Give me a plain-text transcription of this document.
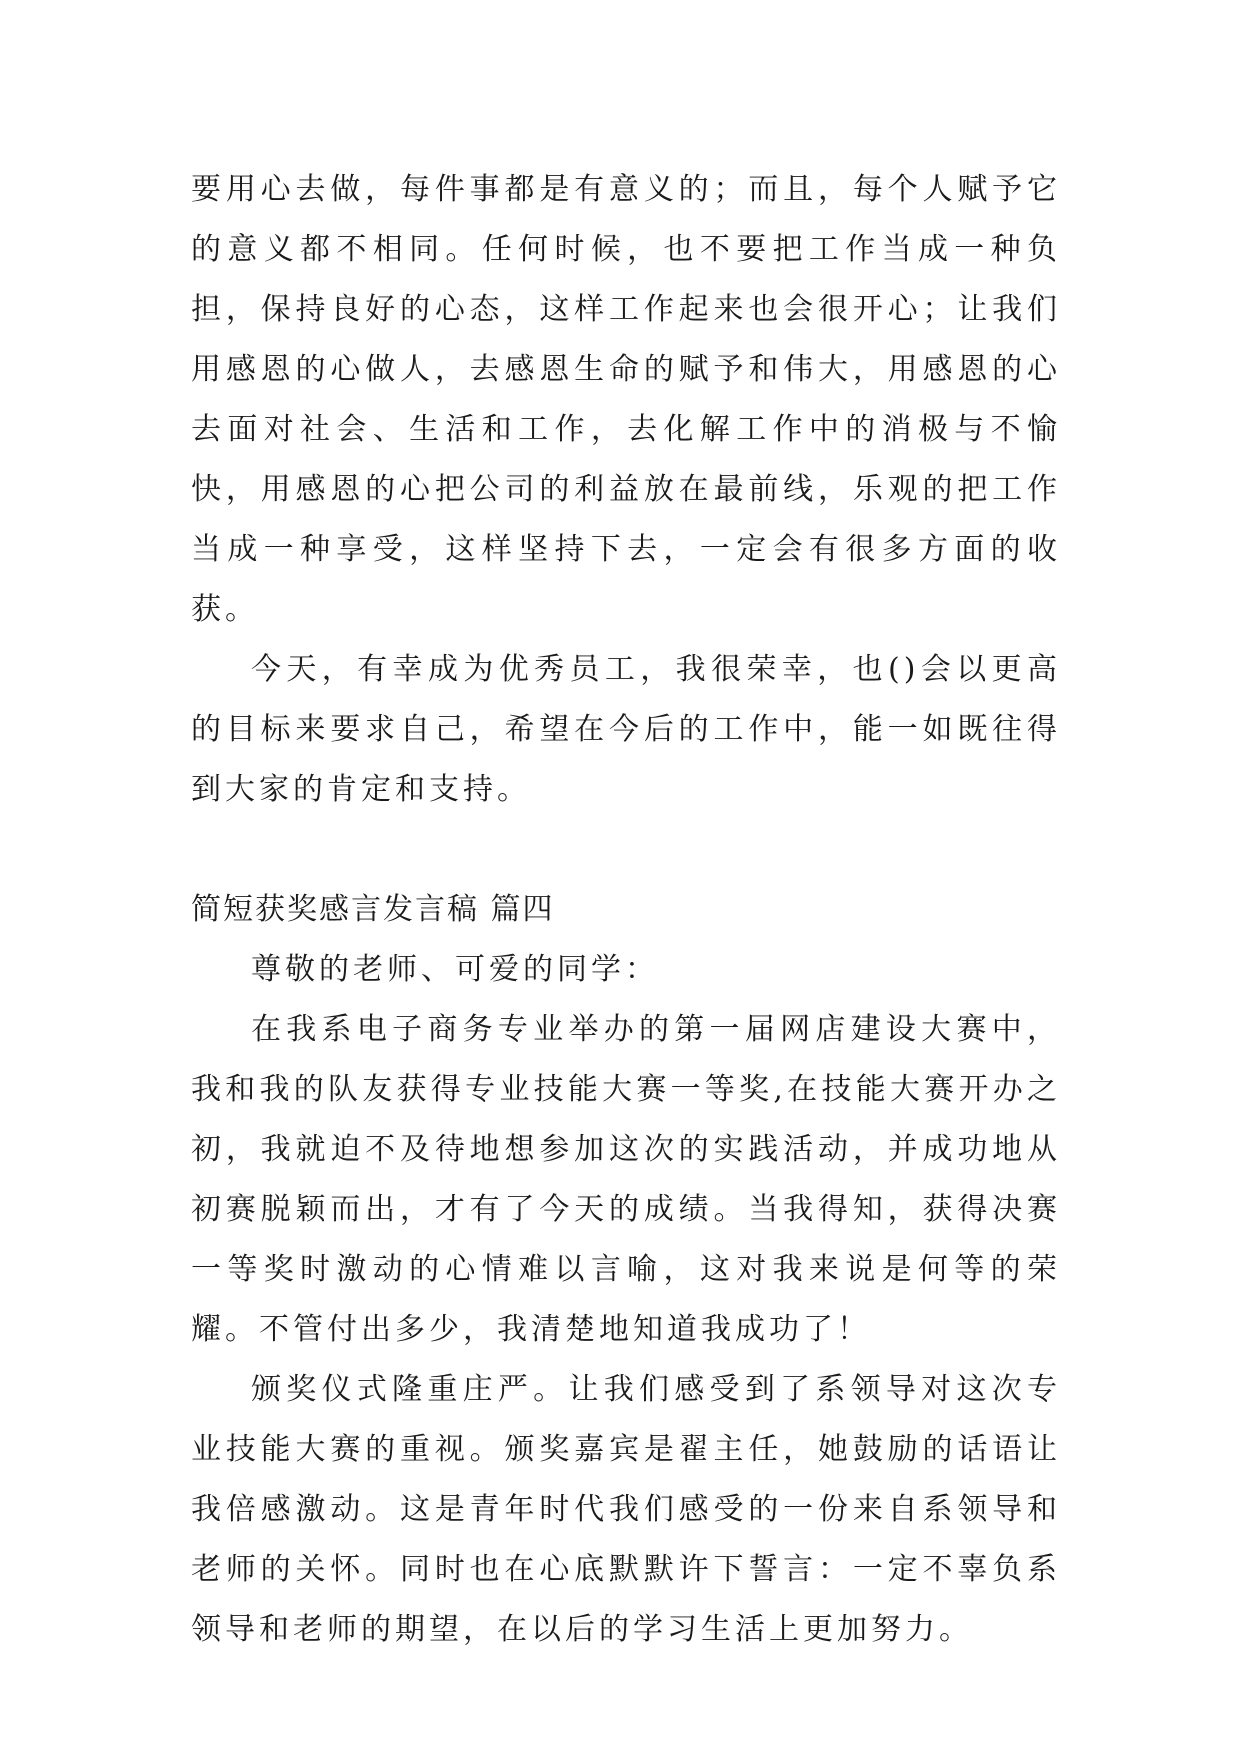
要用心去做，每件事都是有意义的；而且，每个人赋予它的意义都不相同。任何时候，也不要把工作当成一种负担，保持良好的心态，这样工作起来也会很开心；让我们用感恩的心做人，去感恩生命的赋予和伟大，用感恩的心去面对社会、生活和工作，去化解工作中的消极与不愉快，用感恩的心把公司的利益放在最前线，乐观的把工作当成一种享受，这样坚持下去，一定会有很多方面的收获。

今天，有幸成为优秀员工，我很荣幸，也()会以更高的目标来要求自己，希望在今后的工作中，能一如既往得到大家的肯定和支持。

简短获奖感言发言稿 篇四

尊敬的老师、可爱的同学：

在我系电子商务专业举办的第一届网店建设大赛中，我和我的队友获得专业技能大赛一等奖,在技能大赛开办之初，我就迫不及待地想参加这次的实践活动，并成功地从初赛脱颖而出，才有了今天的成绩。当我得知，获得决赛一等奖时激动的心情难以言喻，这对我来说是何等的荣耀。不管付出多少，我清楚地知道我成功了！

颁奖仪式隆重庄严。让我们感受到了系领导对这次专业技能大赛的重视。颁奖嘉宾是翟主任，她鼓励的话语让我倍感激动。这是青年时代我们感受的一份来自系领导和老师的关怀。同时也在心底默默许下誓言：一定不辜负系领导和老师的期望，在以后的学习生活上更加努力。
